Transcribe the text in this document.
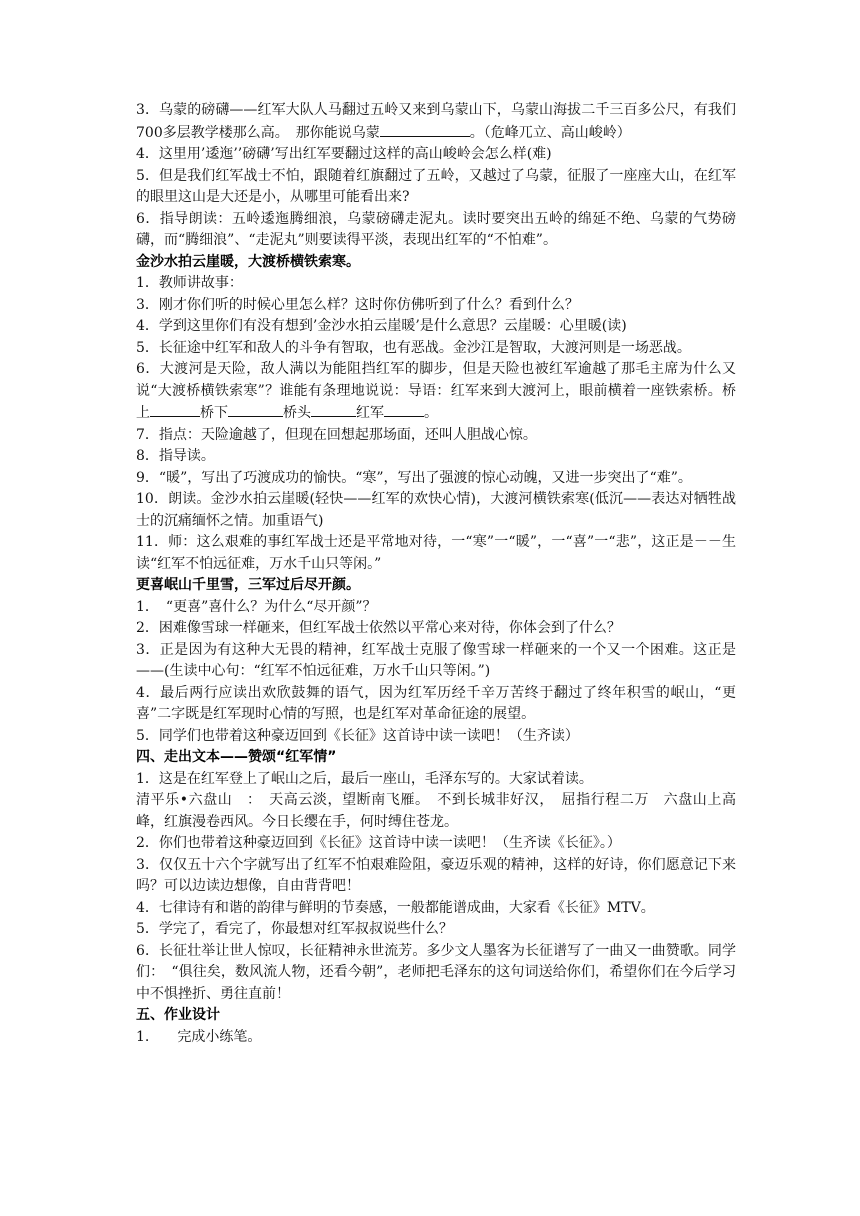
3．乌蒙的磅礴——红军大队人马翻过五岭又来到乌蒙山下，乌蒙山海拔二千三百多公尺，有我们700多层教学楼那么高。　那你能说乌蒙	。（危峰兀立、高山峻岭）

4．这里用’逶迤’’磅礴’写出红军要翻过这样的高山峻岭会怎么样(难)

5．但是我们红军战士不怕，跟随着红旗翻过了五岭，又越过了乌蒙，征服了一座座大山，在红军的眼里这山是大还是小，从哪里可能看出来?

6．指导朗读：五岭逶迤腾细浪，乌蒙磅礴走泥丸。读时要突出五岭的绵延不绝、乌蒙的气势磅礴，而“腾细浪”、“走泥丸”则要读得平淡，表现出红军的“不怕难”。

金沙水拍云崖暖，大渡桥横铁索寒。

1．教师讲故事：

3．刚才你们听的时候心里怎么样？这时你仿佛听到了什么？看到什么？

4．学到这里你们有没有想到’金沙水拍云崖暖’是什么意思？云崖暖：心里暖(读)

5．长征途中红军和敌人的斗争有智取，也有恶战。金沙江是智取，大渡河则是一场恶战。

6．大渡河是天险，敌人满以为能阻挡红军的脚步，但是天险也被红军逾越了那毛主席为什么又说“大渡桥横铁索寒”？谁能有条理地说说：导语：红军来到大渡河上，眼前横着一座铁索桥。桥上	桥下	桥头	红军	。

7．指点：天险逾越了，但现在回想起那场面，还叫人胆战心惊。

8．指导读。

9．“暖”，写出了巧渡成功的愉快。“寒”，写出了强渡的惊心动魄，又进一步突出了“难”。

10．朗读。金沙水拍云崖暖(轻快——红军的欢快心情)，大渡河横铁索寒(低沉——表达对牺牲战士的沉痛缅怀之情。加重语气)

11．师：这么艰难的事红军战士还是平常地对待，一“寒”一“暖”，一“喜”一“悲”，这正是－－生读“红军不怕远征难，万水千山只等闲。”

更喜岷山千里雪，三军过后尽开颜。

1．　“更喜”喜什么？为什么“尽开颜”？

2．困难像雪球一样砸来，但红军战士依然以平常心来对待，你体会到了什么？

3．正是因为有这种大无畏的精神，红军战士克服了像雪球一样砸来的一个又一个困难。这正是——(生读中心句：“红军不怕远征难，万水千山只等闲。”)

4．最后两行应读出欢欣鼓舞的语气，因为红军历经千辛万苦终于翻过了终年积雪的岷山，“更喜”二字既是红军现时心情的写照，也是红军对革命征途的展望。

5．同学们也带着这种豪迈回到《长征》这首诗中读一读吧！（生齐读）

四、走出文本——赞颂“红军情”

1．这是在红军登上了岷山之后，最后一座山，毛泽东写的。大家试着读。

清平乐•六盘山　：　天高云淡，望断南飞雁。　不到长城非好汉，　屈指行程二万　六盘山上高峰，红旗漫卷西风。今日长缨在手，何时缚住苍龙。

2．你们也带着这种豪迈回到《长征》这首诗中读一读吧！（生齐读《长征》。）

3．仅仅五十六个字就写出了红军不怕艰难险阻，豪迈乐观的精神，这样的好诗，你们愿意记下来吗？可以边读边想像，自由背背吧！

4．七律诗有和谐的韵律与鲜明的节奏感，一般都能谱成曲，大家看《长征》MTV。

5．学完了，看完了，你最想对红军叔叔说些什么？

6．长征壮举让世人惊叹，长征精神永世流芳。多少文人墨客为长征谱写了一曲又一曲赞歌。同学们：　“俱往矣，数风流人物，还看今朝”，老师把毛泽东的这句词送给你们，希望你们在今后学习中不惧挫折、勇往直前！

五、作业设计

1.　　完成小练笔。
